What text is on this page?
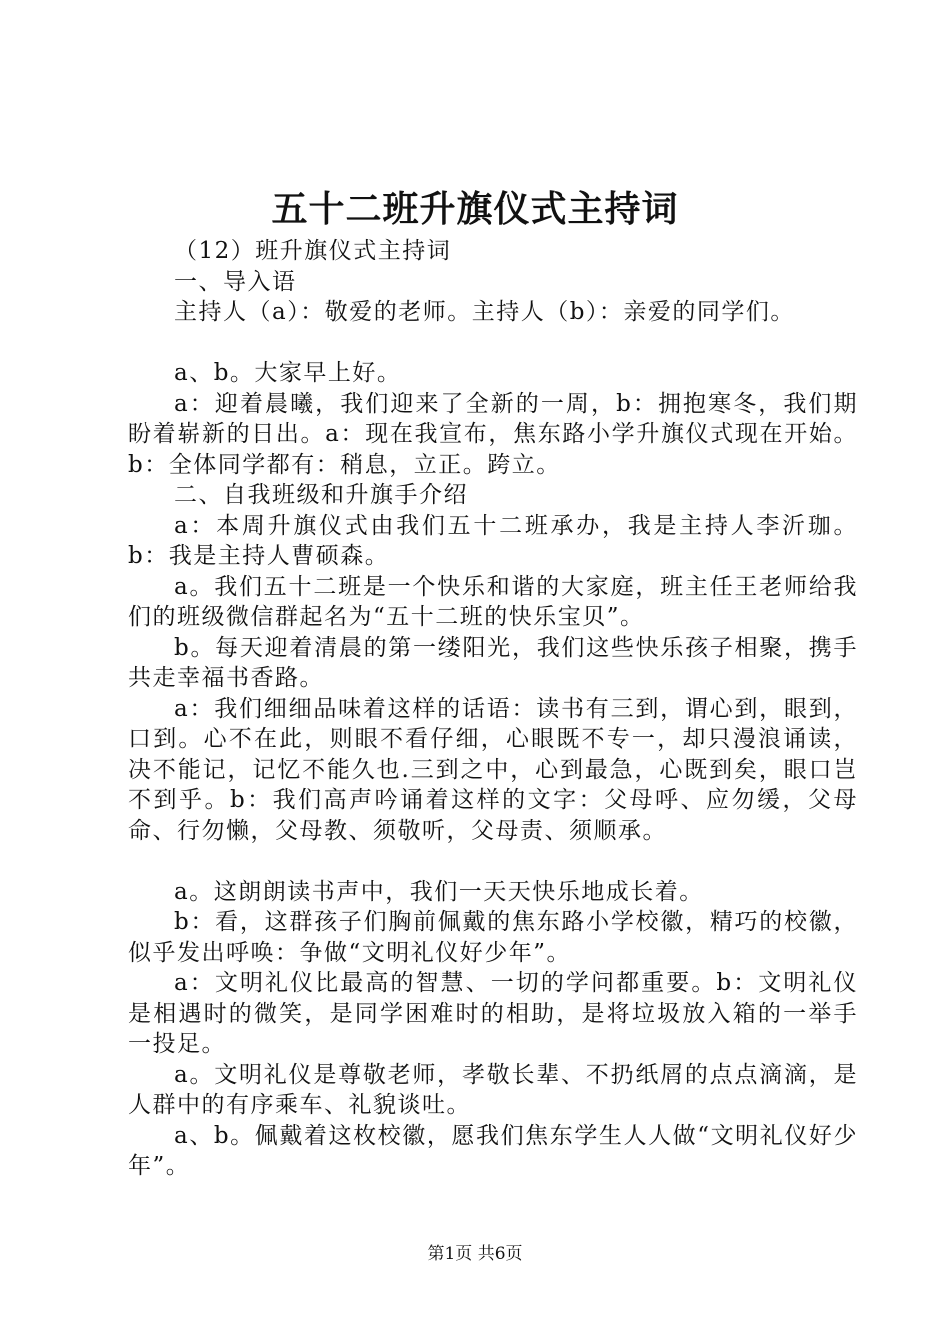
五十二班升旗仪式主持词

（12）班升旗仪式主持词

一、导入语

主持人（a）：敬爱的老师。主持人（b）：亲爱的同学们。

a、b。大家早上好。

a：迎着晨曦，我们迎来了全新的一周，b：拥抱寒冬，我们期盼着崭新的日出。a：现在我宣布，焦东路小学升旗仪式现在开始。b：全体同学都有：稍息，立正。跨立。

二、自我班级和升旗手介绍

a：本周升旗仪式由我们五十二班承办，我是主持人李沂珈。b：我是主持人曹硕森。

a。我们五十二班是一个快乐和谐的大家庭，班主任王老师给我们的班级微信群起名为“五十二班的快乐宝贝”。

b。每天迎着清晨的第一缕阳光，我们这些快乐孩子相聚，携手共走幸福书香路。

a：我们细细品味着这样的话语：读书有三到，谓心到，眼到，口到。心不在此，则眼不看仔细，心眼既不专一，却只漫浪诵读，决不能记，记忆不能久也.三到之中，心到最急，心既到矣，眼口岂不到乎。b：我们高声吟诵着这样的文字：父母呼、应勿缓，父母命、行勿懒，父母教、须敬听，父母责、须顺承。

a。这朗朗读书声中，我们一天天快乐地成长着。

b：看，这群孩子们胸前佩戴的焦东路小学校徽，精巧的校徽，似乎发出呼唤：争做“文明礼仪好少年”。

a：文明礼仪比最高的智慧、一切的学问都重要。b：文明礼仪是相遇时的微笑，是同学困难时的相助，是将垃圾放入箱的一举手一投足。

a。文明礼仪是尊敬老师，孝敬长辈、不扔纸屑的点点滴滴，是人群中的有序乘车、礼貌谈吐。

a、b。佩戴着这枚校徽，愿我们焦东学生人人做“文明礼仪好少年”。

第1页 共6页
